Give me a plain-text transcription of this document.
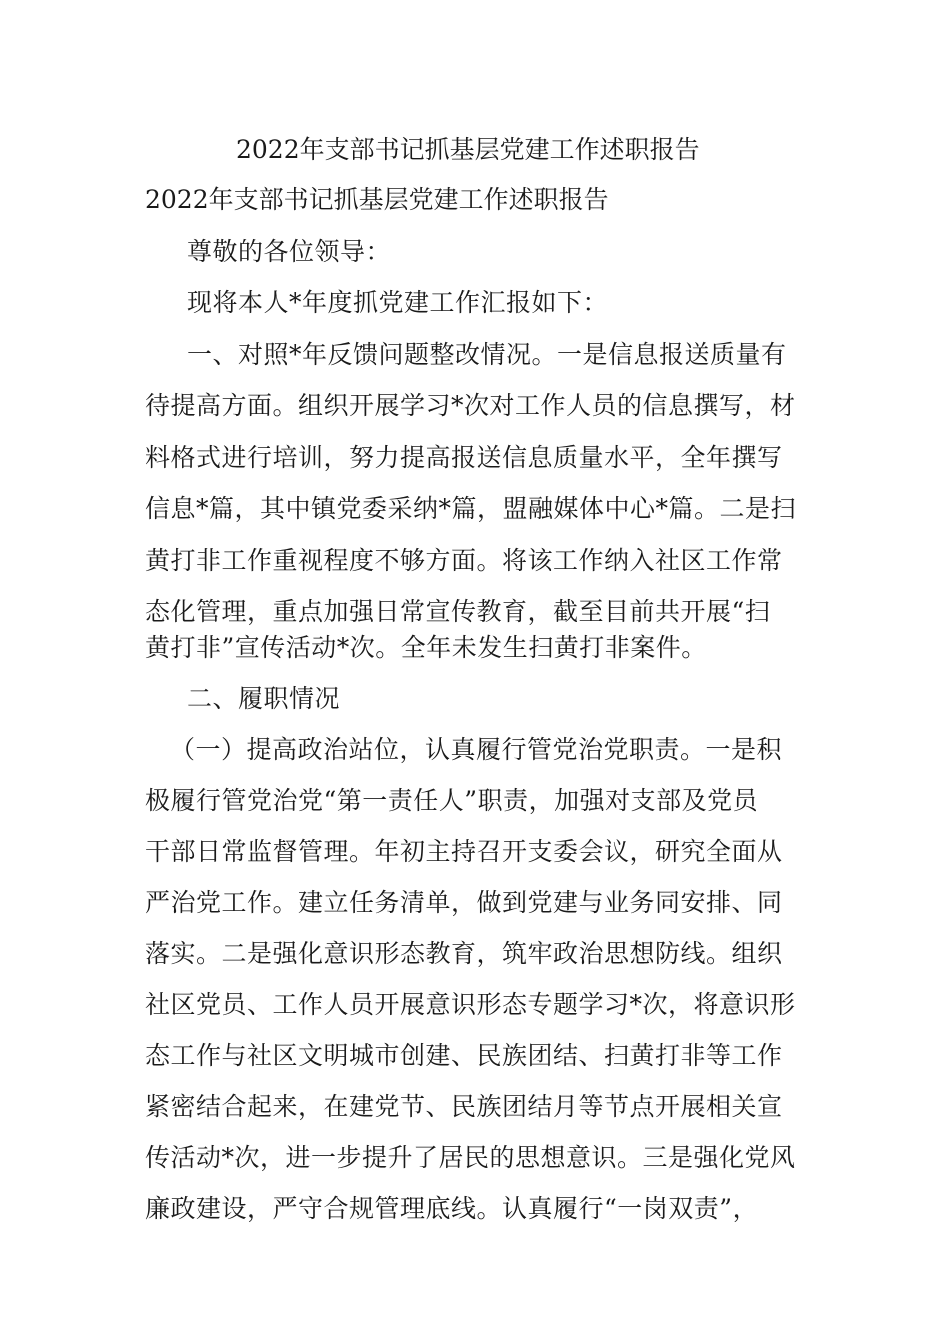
2022年支部书记抓基层党建工作述职报告
2022年支部书记抓基层党建工作述职报告
尊敬的各位领导：
现将本人*年度抓党建工作汇报如下：
一、对照*年反馈问题整改情况。一是信息报送质量有
待提高方面。组织开展学习*次对工作人员的信息撰写，材
料格式进行培训，努力提高报送信息质量水平，全年撰写
信息*篇，其中镇党委采纳*篇，盟融媒体中心*篇。二是扫
黄打非工作重视程度不够方面。将该工作纳入社区工作常
态化管理，重点加强日常宣传教育，截至目前共开展“扫
黄打非”宣传活动*次。全年未发生扫黄打非案件。
二、履职情况
（一）提高政治站位，认真履行管党治党职责。一是积
极履行管党治党“第一责任人”职责，加强对支部及党员
干部日常监督管理。年初主持召开支委会议，研究全面从
严治党工作。建立任务清单，做到党建与业务同安排、同
落实。二是强化意识形态教育，筑牢政治思想防线。组织
社区党员、工作人员开展意识形态专题学习*次，将意识形
态工作与社区文明城市创建、民族团结、扫黄打非等工作
紧密结合起来，在建党节、民族团结月等节点开展相关宣
传活动*次，进一步提升了居民的思想意识。三是强化党风
廉政建设，严守合规管理底线。认真履行“一岗双责”，
